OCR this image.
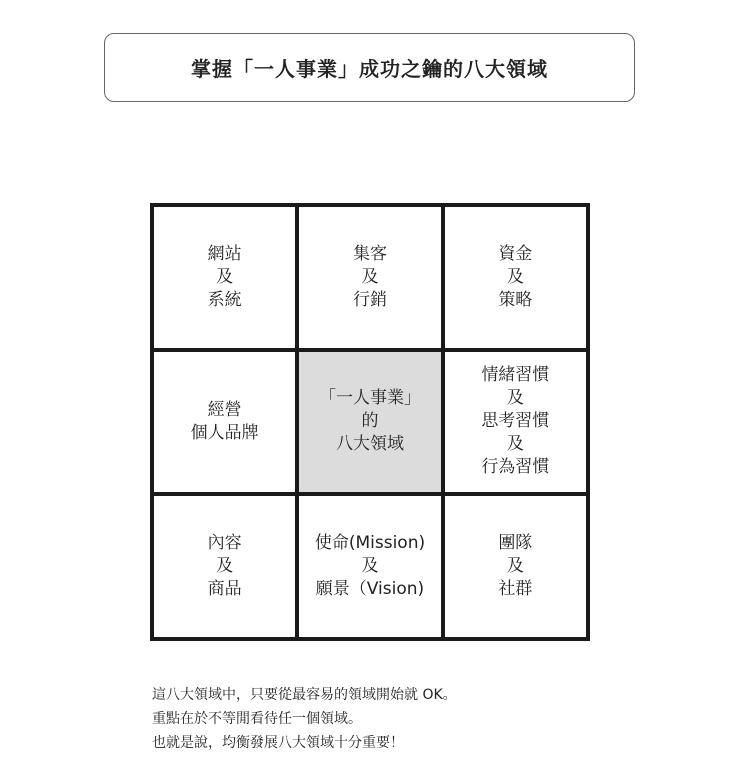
掌握「一人事業」成功之鑰的八大領域
網站
及
系統
集客
及
行銷
資金
及
策略
經營
個人品牌
「一人事業」
的
八大領域
情緒習慣
及
思考習慣
及
行為習慣
內容
及
商品
使命(Mission)
及
願景（Vision)
團隊
及
社群
這八大領域中，只要從最容易的領域開始就 OK。
重點在於不等閒看待任一個領域。
也就是說，均衡發展八大領域十分重要！
